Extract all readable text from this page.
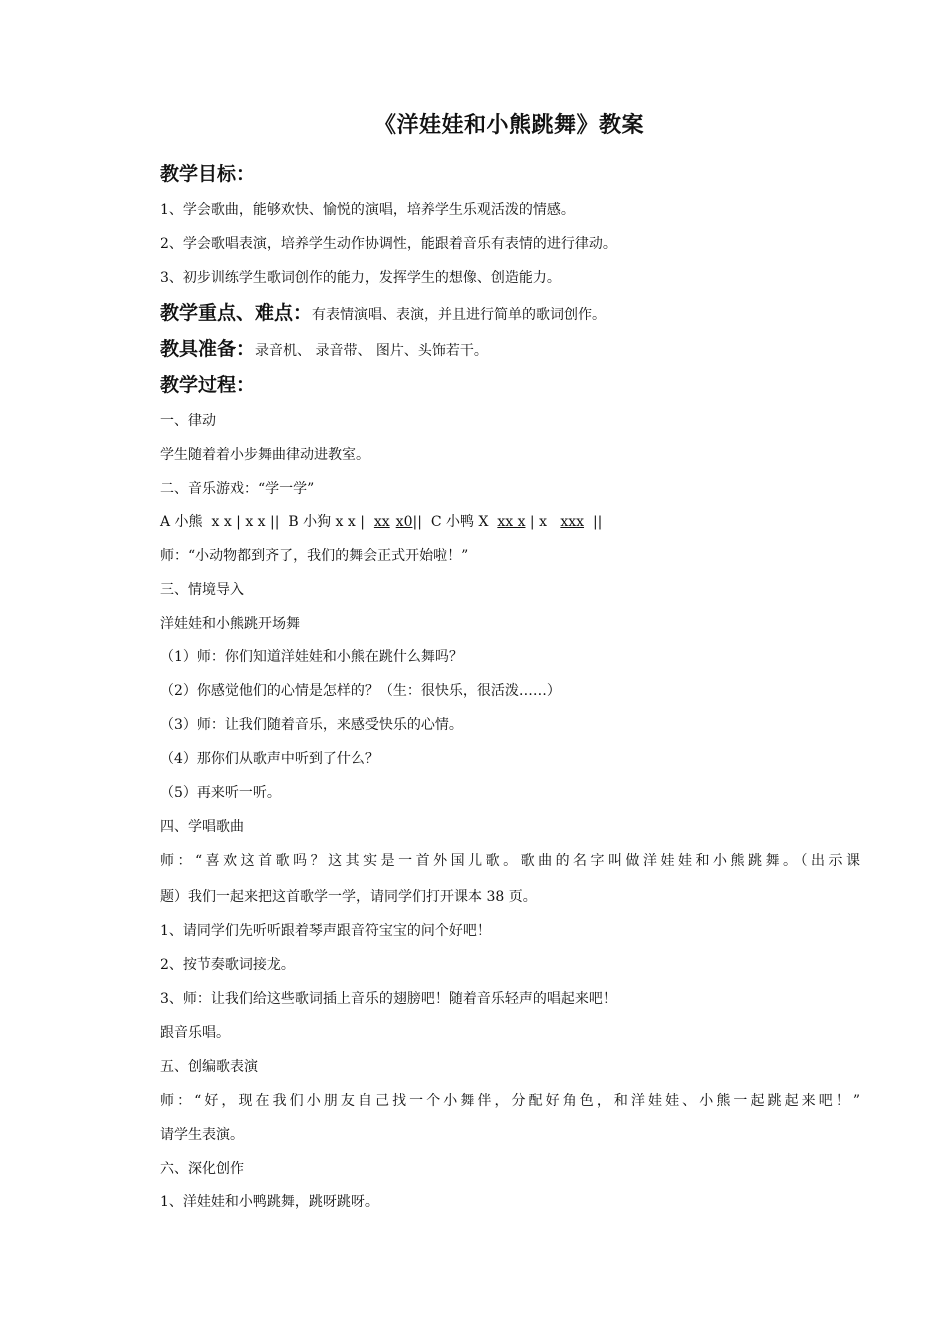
《洋娃娃和小熊跳舞》教案
教学目标：
1、学会歌曲，能够欢快、愉悦的演唱，培养学生乐观活泼的情感。
2、学会歌唱表演，培养学生动作协调性，能跟着音乐有表情的进行律动。
3、初步训练学生歌词创作的能力，发挥学生的想像、创造能力。
教学重点、难点：有表情演唱、表演，并且进行简单的歌词创作。
教具准备：录音机、 录音带、 图片、头饰若干。
教学过程：
一、律动
学生随着着小步舞曲律动进教室。
二、音乐游戏：“学一学”
A 小熊 x x | x x || B 小狗 x x | xx x0|| C 小鸭 X xx x | x xxx ||
师：“小动物都到齐了，我们的舞会正式开始啦！”
三、情境导入
洋娃娃和小熊跳开场舞
（1）师：你们知道洋娃娃和小熊在跳什么舞吗？
（2）你感觉他们的心情是怎样的？（生：很快乐，很活泼……）
（3）师：让我们随着音乐，来感受快乐的心情。
（4）那你们从歌声中听到了什么？
（5）再来听一听。
四、学唱歌曲
师：“喜欢这首歌吗？这其实是一首外国儿歌。歌曲的名字叫做洋娃娃和小熊跳舞。（出示课
题）我们一起来把这首歌学一学，请同学们打开课本 38 页。
1、请同学们先听听跟着琴声跟音符宝宝的问个好吧！
2、按节奏歌词接龙。
3、师：让我们给这些歌词插上音乐的翅膀吧！随着音乐轻声的唱起来吧！
跟音乐唱。
五、创编歌表演
师：“好，现在我们小朋友自己找一个小舞伴，分配好角色，和洋娃娃、小熊一起跳起来吧！”
请学生表演。
六、深化创作
1、洋娃娃和小鸭跳舞，跳呀跳呀。
